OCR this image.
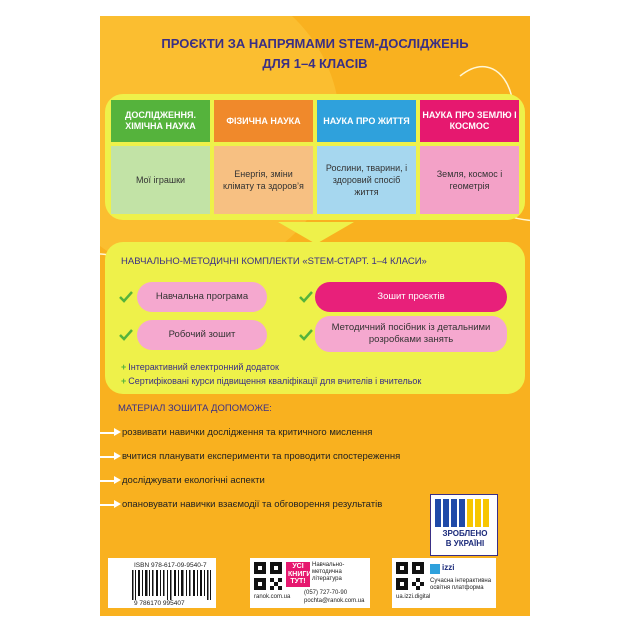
ПРОЄКТИ ЗА НАПРЯМАМИ STEM-ДОСЛІДЖЕНЬ
ДЛЯ 1–4 КЛАСІВ
ДОСЛІДЖЕННЯ. ХІМІЧНА НАУКА
Мої іграшки
ФІЗИЧНА НАУКА
Енергія, зміни клімату та здоров’я
НАУКА ПРО ЖИТТЯ
Рослини, тварини, і здоровий спосіб життя
НАУКА ПРО ЗЕМЛЮ І КОСМОС
Земля, космос і геометрія
НАВЧАЛЬНО-МЕТОДИЧНІ КОМПЛЕКТИ «STEM-СТАРТ. 1–4 КЛАСИ»
Навчальна програма	Зошит проєктів
Робочий зошит
Методичний посібник із детальними розробками занять
+ Інтерактивний електронний додаток
+ Сертифіковані курси підвищення кваліфікації для вчителів і вчительок
МАТЕРІАЛ ЗОШИТА ДОПОМОЖЕ:
розвивати навички дослідження та критичного мислення
вчитися планувати експерименти та проводити спостереження
досліджувати екологічні аспекти
опановувати навички взаємодії та обговорення результатів
ЗРОБЛЕНО
В УКРАЇНІ
ISBN 978-617-09-9540-7
9 786170 995407
УСІ КНИГИ ТУТ!
Навчально-методична література
ranok.com.ua
(057) 727-70-90
pochta@ranok.com.ua
izzi
Сучасна інтерактивна освітня платформа
ua.izzi.digital
